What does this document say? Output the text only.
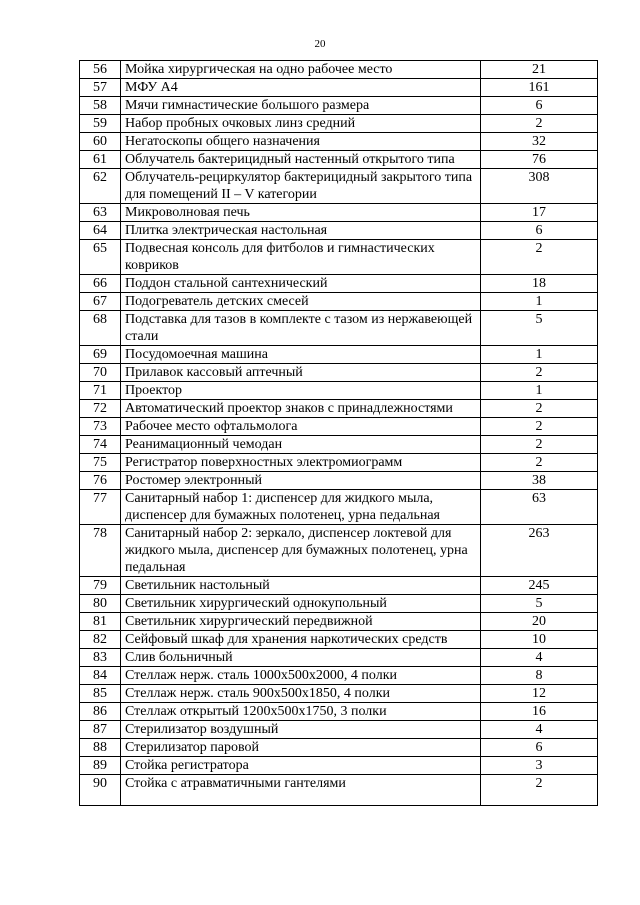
20
56	Мойка хирургическая на одно рабочее место	21
57	МФУ А4	161
58	Мячи гимнастические большого размера	6
59	Набор пробных очковых линз средний	2
60	Негатоскопы общего назначения	32
61	Облучатель бактерицидный настенный открытого типа	76
62	Облучатель-рециркулятор бактерицидный закрытого типа для помещений II – V категории	308
63	Микроволновая печь	17
64	Плитка электрическая настольная	6
65	Подвесная консоль для фитболов и гимнастических ковриков	2
66	Поддон стальной сантехнический	18
67	Подогреватель детских смесей	1
68	Подставка для тазов в комплекте с тазом из нержавеющей стали	5
69	Посудомоечная машина	1
70	Прилавок кассовый аптечный	2
71	Проектор	1
72	Автоматический проектор знаков с принадлежностями	2
73	Рабочее место офтальмолога	2
74	Реанимационный чемодан	2
75	Регистратор поверхностных электромиограмм	2
76	Ростомер электронный	38
77	Санитарный набор 1: диспенсер для жидкого мыла, диспенсер для бумажных полотенец, урна педальная	63
78	Санитарный набор 2: зеркало, диспенсер локтевой для жидкого мыла, диспенсер для бумажных полотенец, урна педальная	263
79	Светильник настольный	245
80	Светильник хирургический однокупольный	5
81	Светильник хирургический передвижной	20
82	Сейфовый шкаф для хранения наркотических средств	10
83	Слив больничный	4
84	Стеллаж нерж. сталь 1000х500х2000, 4 полки	8
85	Стеллаж нерж. сталь 900х500х1850, 4 полки	12
86	Стеллаж открытый 1200х500х1750, 3 полки	16
87	Стерилизатор воздушный	4
88	Стерилизатор паровой	6
89	Стойка регистратора	3
90	Стойка с атравматичными гантелями	2
